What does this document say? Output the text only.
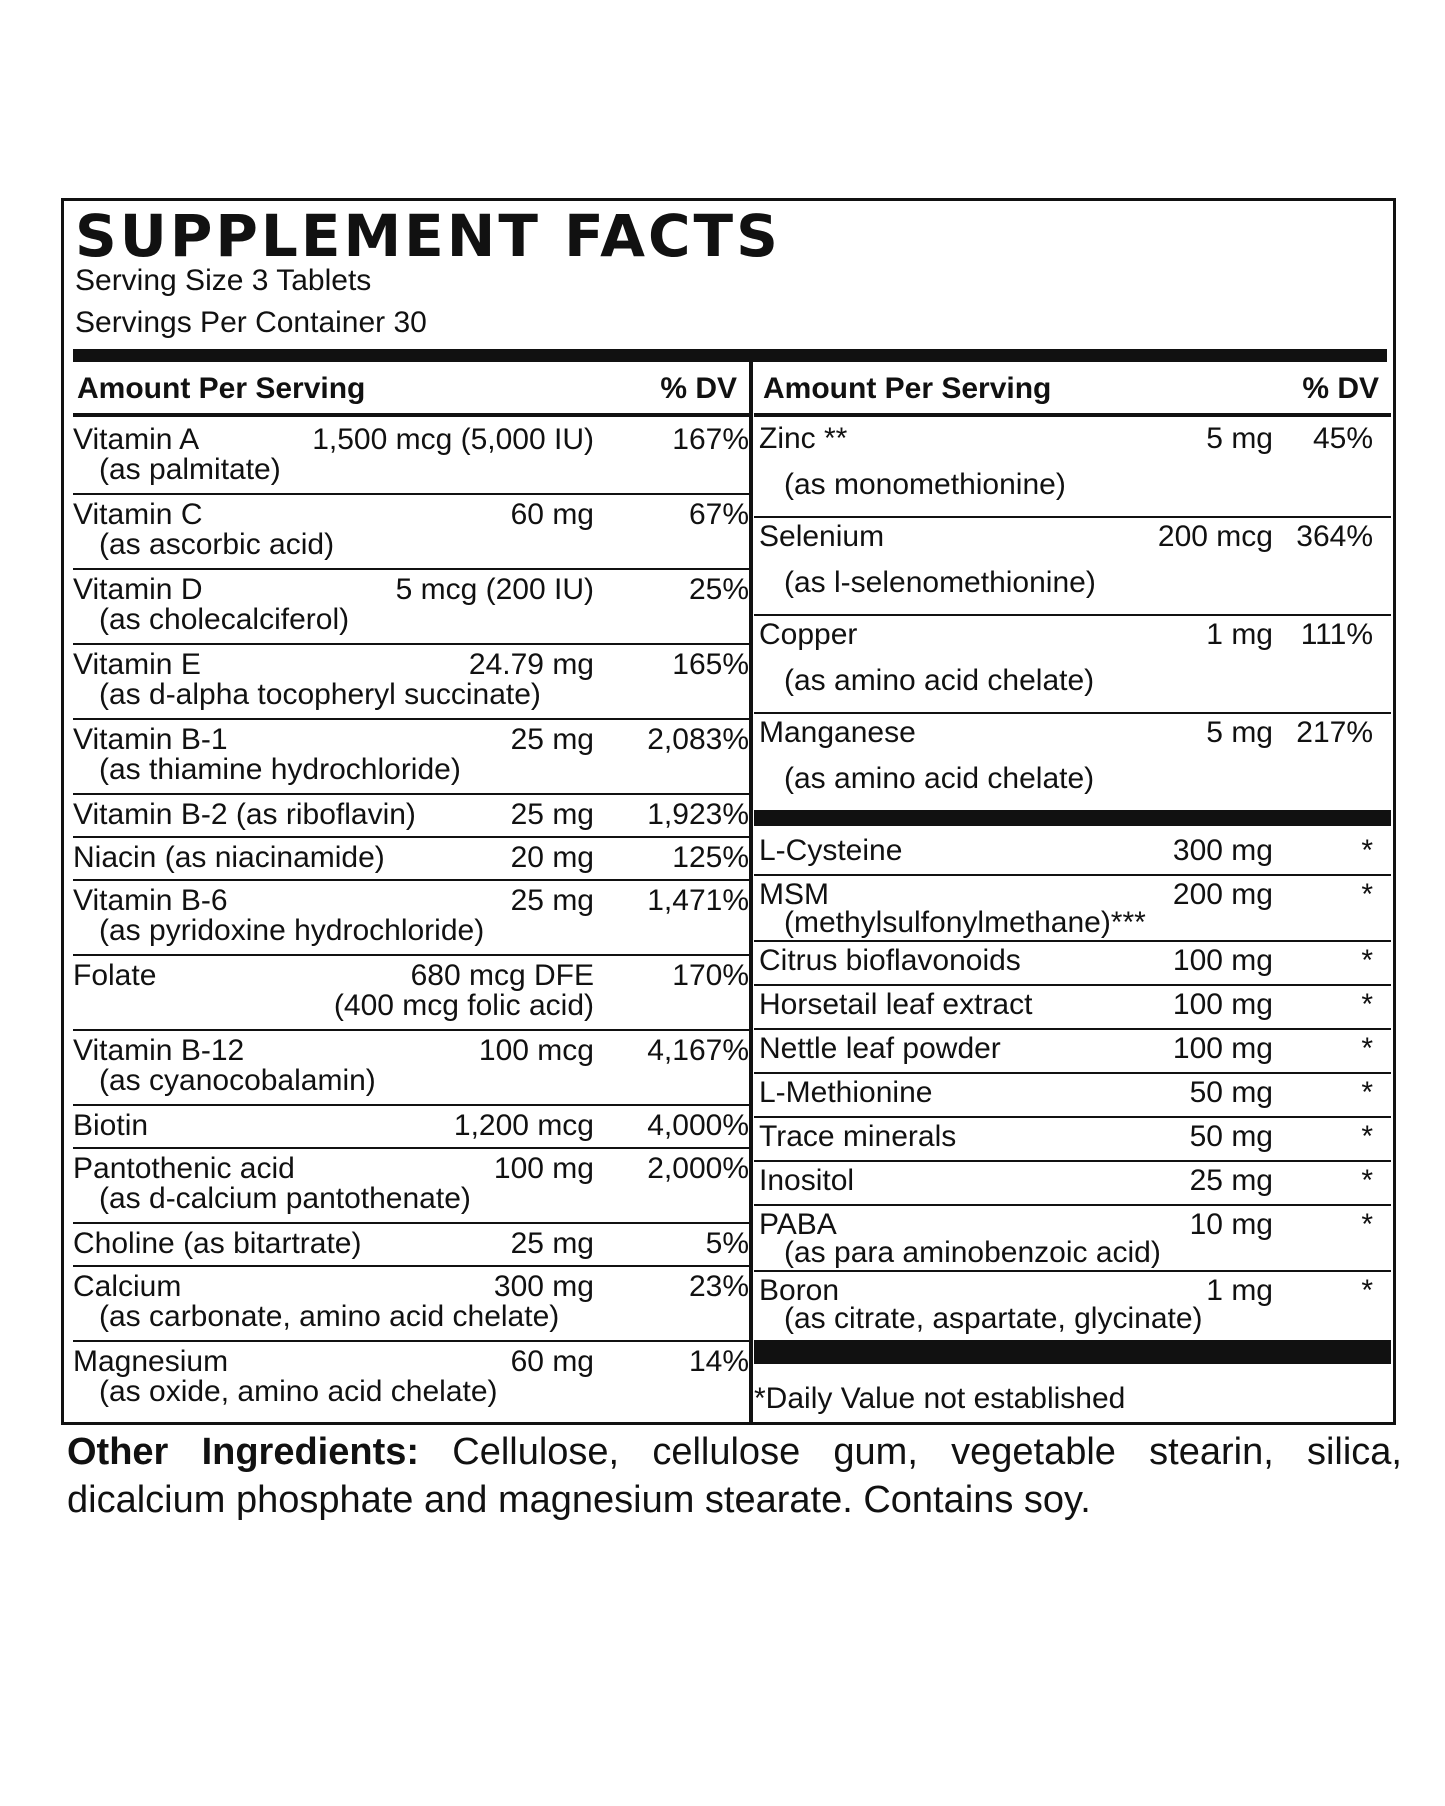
SUPPLEMENT FACTS
Serving Size 3 Tablets
Servings Per Container 30
Amount Per Serving	% DV
Vitamin A
(as palmitate)
1,500 mcg (5,000 IU)	167%
Vitamin C
(as ascorbic acid)
60 mg	67%
Vitamin D
(as cholecalciferol)
5 mcg (200 IU)	25%
Vitamin E
(as d-alpha tocopheryl succinate)
24.79 mg	165%
Vitamin B-1
(as thiamine hydrochloride)
25 mg 2,083%
Vitamin B-2 (as riboflavin)	25 mg 1,923%
Niacin (as niacinamide)	20 mg	125%
Vitamin B-6
(as pyridoxine hydrochloride)
25 mg 1,471%
Folate	680 mcg DFE
(400 mcg folic acid)
170%
Vitamin B-12
(as cyanocobalamin)
100 mcg 4,167%
Biotin	1,200 mcg 4,000%
Pantothenic acid
(as d-calcium pantothenate)
100 mg 2,000%
Choline (as bitartrate)	25 mg	5%
Calcium
(as carbonate, amino acid chelate)
300 mg	23%
Magnesium
(as oxide, amino acid chelate)
60 mg	14%
Amount Per Serving	% DV
*Daily Value not established
Zinc **
(as monomethionine)
5 mg 45%
Selenium
(as l-selenomethionine)
200 mcg 364%
Copper
(as amino acid chelate)
1 mg 111%
Manganese
(as amino acid chelate)
5 mg 217%
L-Cysteine	300 mg	*
MSM
(methylsulfonylmethane)***
200 mg	*
Citrus bioflavonoids	100 mg	*
Horsetail leaf extract	100 mg	*
Nettle leaf powder	100 mg	*
L-Methionine	50 mg	*
Trace minerals	50 mg	*
Inositol	25 mg	*
PABA
(as para aminobenzoic acid)
10 mg	*
Boron
(as citrate, aspartate, glycinate)
1 mg	*
Other Ingredients: Cellulose, cellulose gum, vegetable stearin, silica, dicalcium phosphate and magnesium stearate. Contains soy.
